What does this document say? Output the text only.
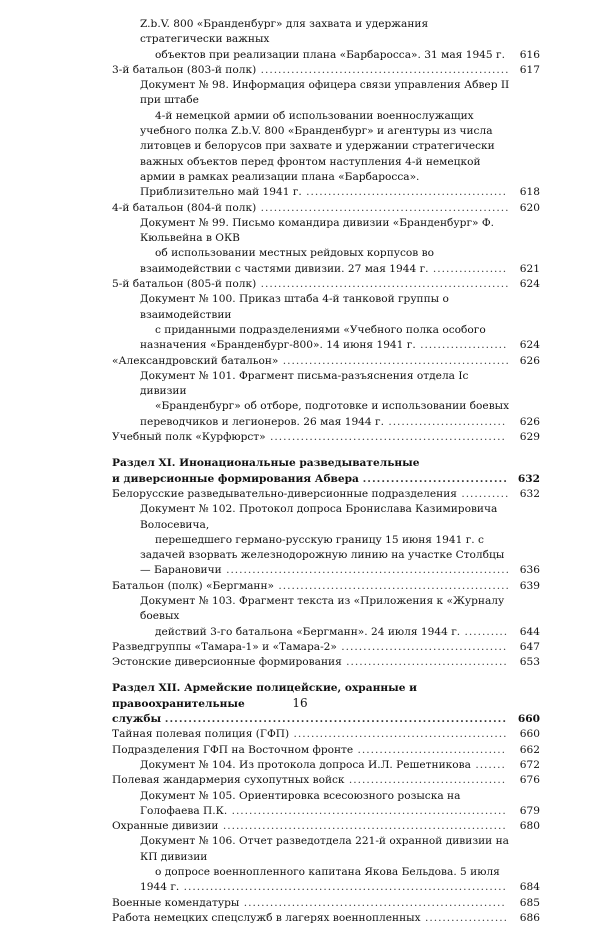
Z.b.V. 800 «Бранденбург» для захвата и удержания стратегически важных
объектов при реализации плана «Барбаросса». 31 мая 1945 г.	616
3-й батальон (803-й полк) ......................................................... 617
Документ № 98. Информация офицера связи управления Абвер II при штабе
4-й немецкой армии об использовании военнослужащих учебного полка Z.b.V. 800 «Бранденбург» и агентуры из числа литовцев и белорусов при захвате и удержании стратегически важных объектов перед фронтом наступления 4-й немецкой армии в рамках реализации плана «Барбаросса». Приблизительно май 1941 г. ..............................................	618
4-й батальон (804-й полк) ......................................................... 620
Документ № 99. Письмо командира дивизии «Бранденбург» Ф. Кюльвейна в ОКВ
об использовании местных рейдовых корпусов во взаимодействии с частями дивизии. 27 мая 1944 г. .................	621
5-й батальон (805-й полк) ......................................................... 624
Документ № 100. Приказ штаба 4-й танковой группы о взаимодействии
с приданными подразделениями «Учебного полка особого назначения «Бранденбург-800». 14 июня 1941 г. ....................	624
«Александровский батальон» .................................................... 626
Документ № 101. Фрагмент письма-разъяснения отдела Iс дивизии
«Бранденбург» об отборе, подготовке и использовании боевых переводчиков и легионеров. 26 мая 1944 г. ...........................	626
Учебный полк «Курфюрст» ......................................................	629
Раздел XI. Инонациональные разведывательные
и диверсионные формирования Абвера ............................... 632
Белорусские разведывательно-диверсионные подразделения ........... 632
Документ № 102. Протокол допроса Бронислава Казимировича Волосевича,
перешедшего германо-русскую границу 15 июня 1941 г. с задачей взорвать железнодорожную линию на участке Столбцы — Барановичи ................................................................. 636
Батальон (полк) «Бергманн» ..................................................... 639
Документ № 103. Фрагмент текста из «Приложения к «Журналу боевых
действий 3-го батальона «Бергманн». 24 июля 1944 г. ..........	644
Разведгруппы «Тамара-1» и «Тамара-2» ......................................	647
Эстонские диверсионные формирования .....................................	653
Раздел XII. Армейские полицейские, охранные и правоохранительные
службы .........................................................................	660
Тайная полевая полиция (ГФП) .................................................	660
Подразделения ГФП на Восточном фронте ..................................	662
Документ № 104. Из протокола допроса И.Л. Решетникова .......	672
Полевая жандармерия сухопутных войск ....................................	676
Документ № 105. Ориентировка всесоюзного розыска на Голофаева П.К. ...............................................................	679
Охранные дивизии .................................................................	680
Документ № 106. Отчет разведотдела 221-й охранной дивизии на КП дивизии
о допросе военнопленного капитана Якова Бельдова. 5 июля 1944 г. ..........................................................................	684
Военные комендатуры ............................................................	685
Работа немецких спецслужб в лагерях военнопленных ...................	686
16
